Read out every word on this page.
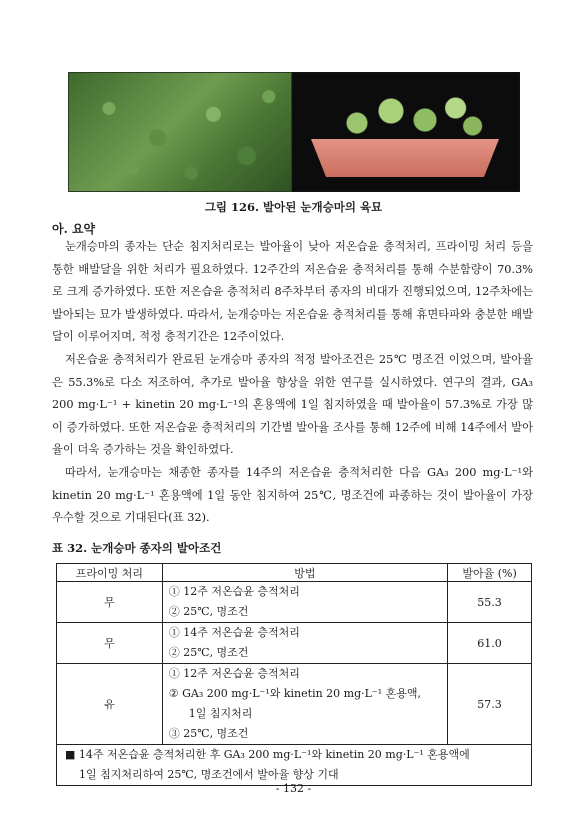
그림 126. 발아된 눈개승마의 육묘
아. 요약

눈개승마의 종자는 단순 침지처리로는 발아율이 낮아 저온습윤 층적처리, 프라이밍 처리 등을 통한 배발달을 위한 처리가 필요하였다. 12주간의 저온습윤 층적처리를 통해 수분함량이 70.3%로 크게 증가하였다. 또한 저온습윤 층적처리 8주차부터 종자의 비대가 진행되었으며, 12주차에는 발아되는 묘가 발생하였다. 따라서, 눈개승마는 저온습윤 층적처리를 통해 휴면타파와 충분한 배발달이 이루어지며, 적정 층적기간은 12주이었다.

저온습윤 층적처리가 완료된 눈개승마 종자의 적정 발아조건은 25℃ 명조건 이었으며, 발아율은 55.3%로 다소 저조하여, 추가로 발아율 향상을 위한 연구를 실시하였다. 연구의 결과, GA₃ 200 mg·L⁻¹ + kinetin 20 mg·L⁻¹의 혼용액에 1일 침지하였을 때 발아율이 57.3%로 가장 많이 증가하였다. 또한 저온습윤 층적처리의 기간별 발아율 조사를 통해 12주에 비해 14주에서 발아율이 더욱 증가하는 것을 확인하였다.

따라서, 눈개승마는 채종한 종자를 14주의 저온습윤 층적처리한 다음 GA₃ 200 mg·L⁻¹와 kinetin 20 mg·L⁻¹ 혼용액에 1일 동안 침지하여 25℃, 명조건에 파종하는 것이 발아율이 가장 우수할 것으로 기대된다(표 32).

표 32. 눈개승마 종자의 발아조건
프라이밍 처리	방법	발아율 (%)
무	① 12주 저온습윤 층적처리
② 25℃, 명조건	55.3
무	① 14주 저온습윤 층적처리
② 25℃, 명조건	61.0
유	① 12주 저온습윤 층적처리
② GA₃ 200 mg·L⁻¹와 kinetin 20 mg·L⁻¹ 혼용액,
1일 침지처리
③ 25℃, 명조건	57.3

■ 14주 저온습윤 층적처리한 후 GA₃ 200 mg·L⁻¹와 kinetin 20 mg·L⁻¹ 혼용액에
1일 침지처리하여 25℃, 명조건에서 발아율 향상 기대		
- 132 -
